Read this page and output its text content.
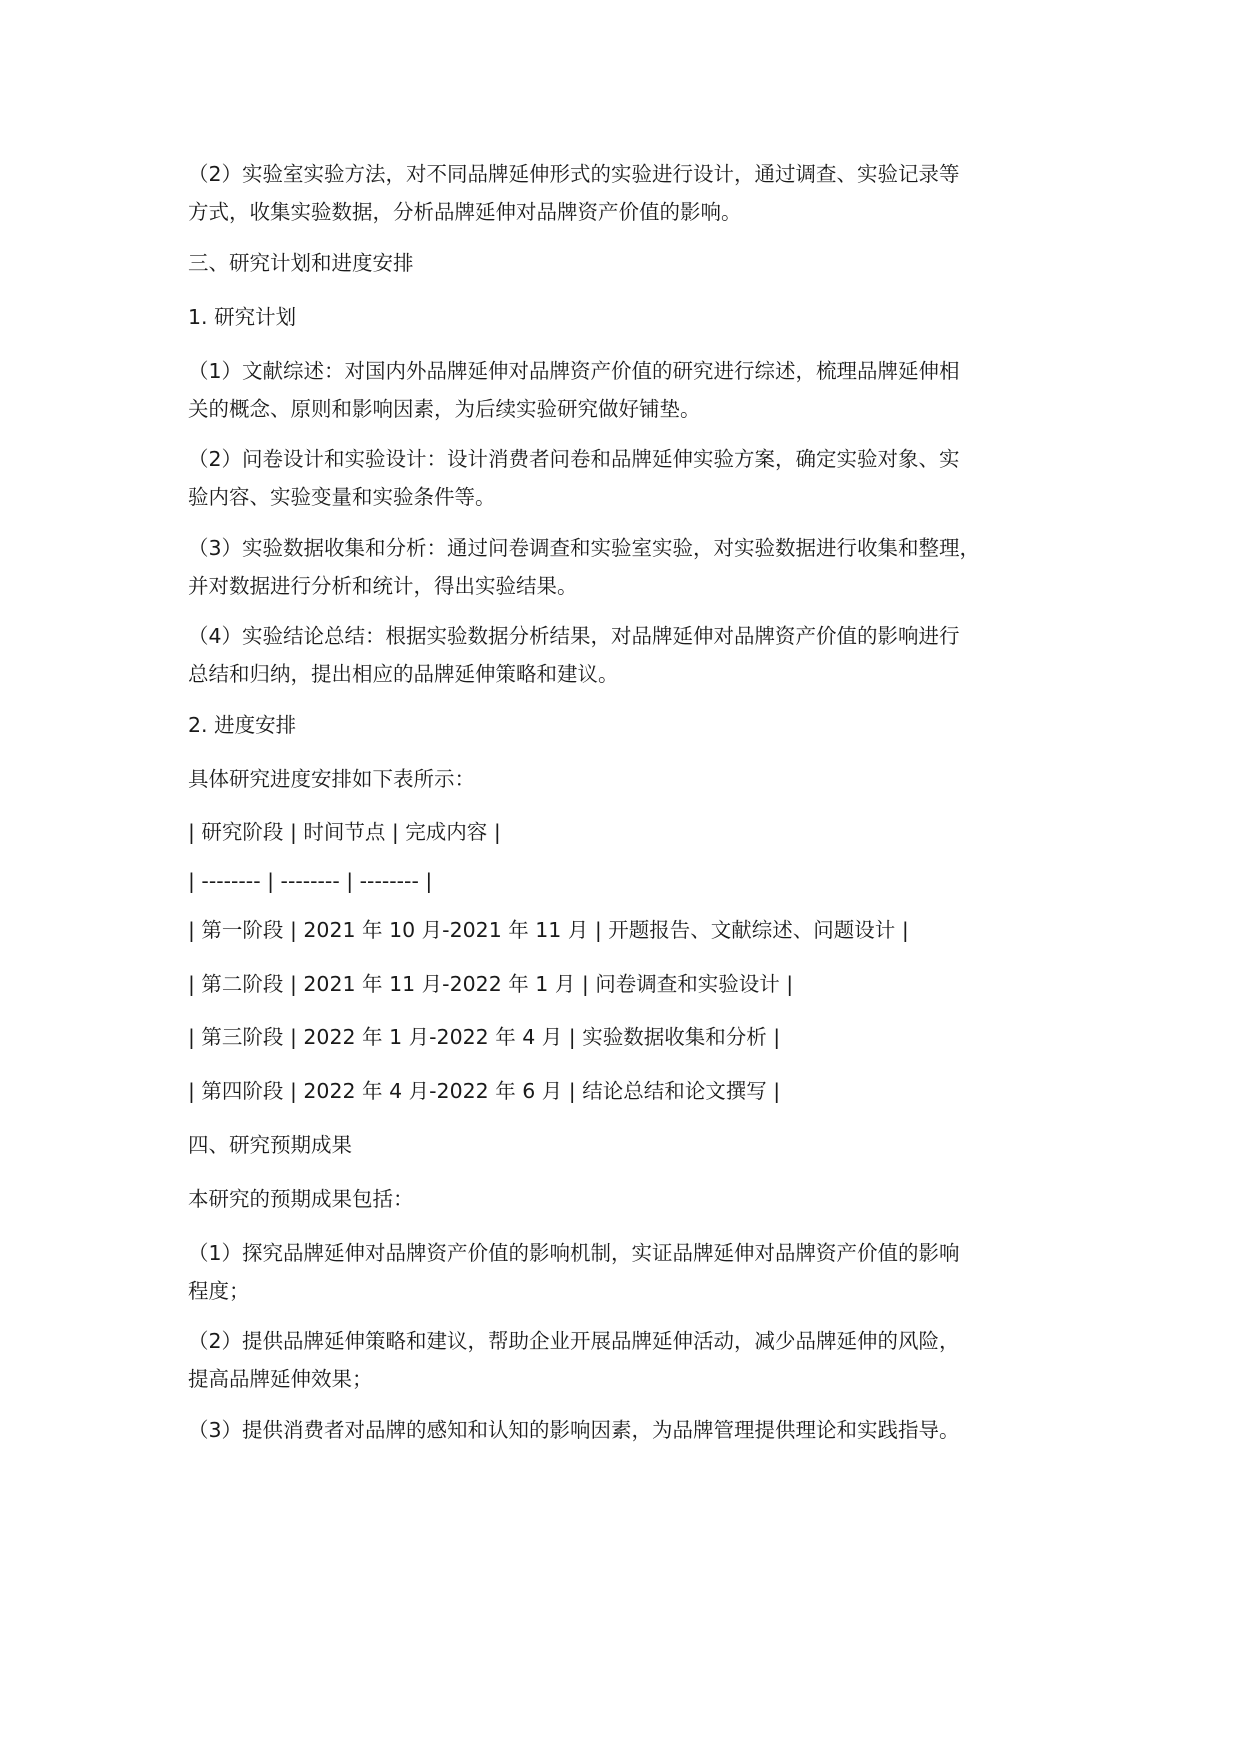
（2）实验室实验方法，对不同品牌延伸形式的实验进行设计，通过调查、实验记录等
方式，收集实验数据，分析品牌延伸对品牌资产价值的影响。

三、研究计划和进度安排

1. 研究计划

（1）文献综述：对国内外品牌延伸对品牌资产价值的研究进行综述，梳理品牌延伸相
关的概念、原则和影响因素，为后续实验研究做好铺垫。

（2）问卷设计和实验设计：设计消费者问卷和品牌延伸实验方案，确定实验对象、实
验内容、实验变量和实验条件等。

（3）实验数据收集和分析：通过问卷调查和实验室实验，对实验数据进行收集和整理，
并对数据进行分析和统计，得出实验结果。

（4）实验结论总结：根据实验数据分析结果，对品牌延伸对品牌资产价值的影响进行
总结和归纳，提出相应的品牌延伸策略和建议。

2. 进度安排

具体研究进度安排如下表所示：

| 研究阶段 | 时间节点 | 完成内容 |

| -------- | -------- | -------- |

| 第一阶段 | 2021 年 10 月-2021 年 11 月 | 开题报告、文献综述、问题设计 |

| 第二阶段 | 2021 年 11 月-2022 年 1 月 | 问卷调查和实验设计 |

| 第三阶段 | 2022 年 1 月-2022 年 4 月 | 实验数据收集和分析 |

| 第四阶段 | 2022 年 4 月-2022 年 6 月 | 结论总结和论文撰写 |

四、研究预期成果

本研究的预期成果包括：

（1）探究品牌延伸对品牌资产价值的影响机制，实证品牌延伸对品牌资产价值的影响
程度；

（2）提供品牌延伸策略和建议，帮助企业开展品牌延伸活动，减少品牌延伸的风险，
提高品牌延伸效果；

（3）提供消费者对品牌的感知和认知的影响因素，为品牌管理提供理论和实践指导。
